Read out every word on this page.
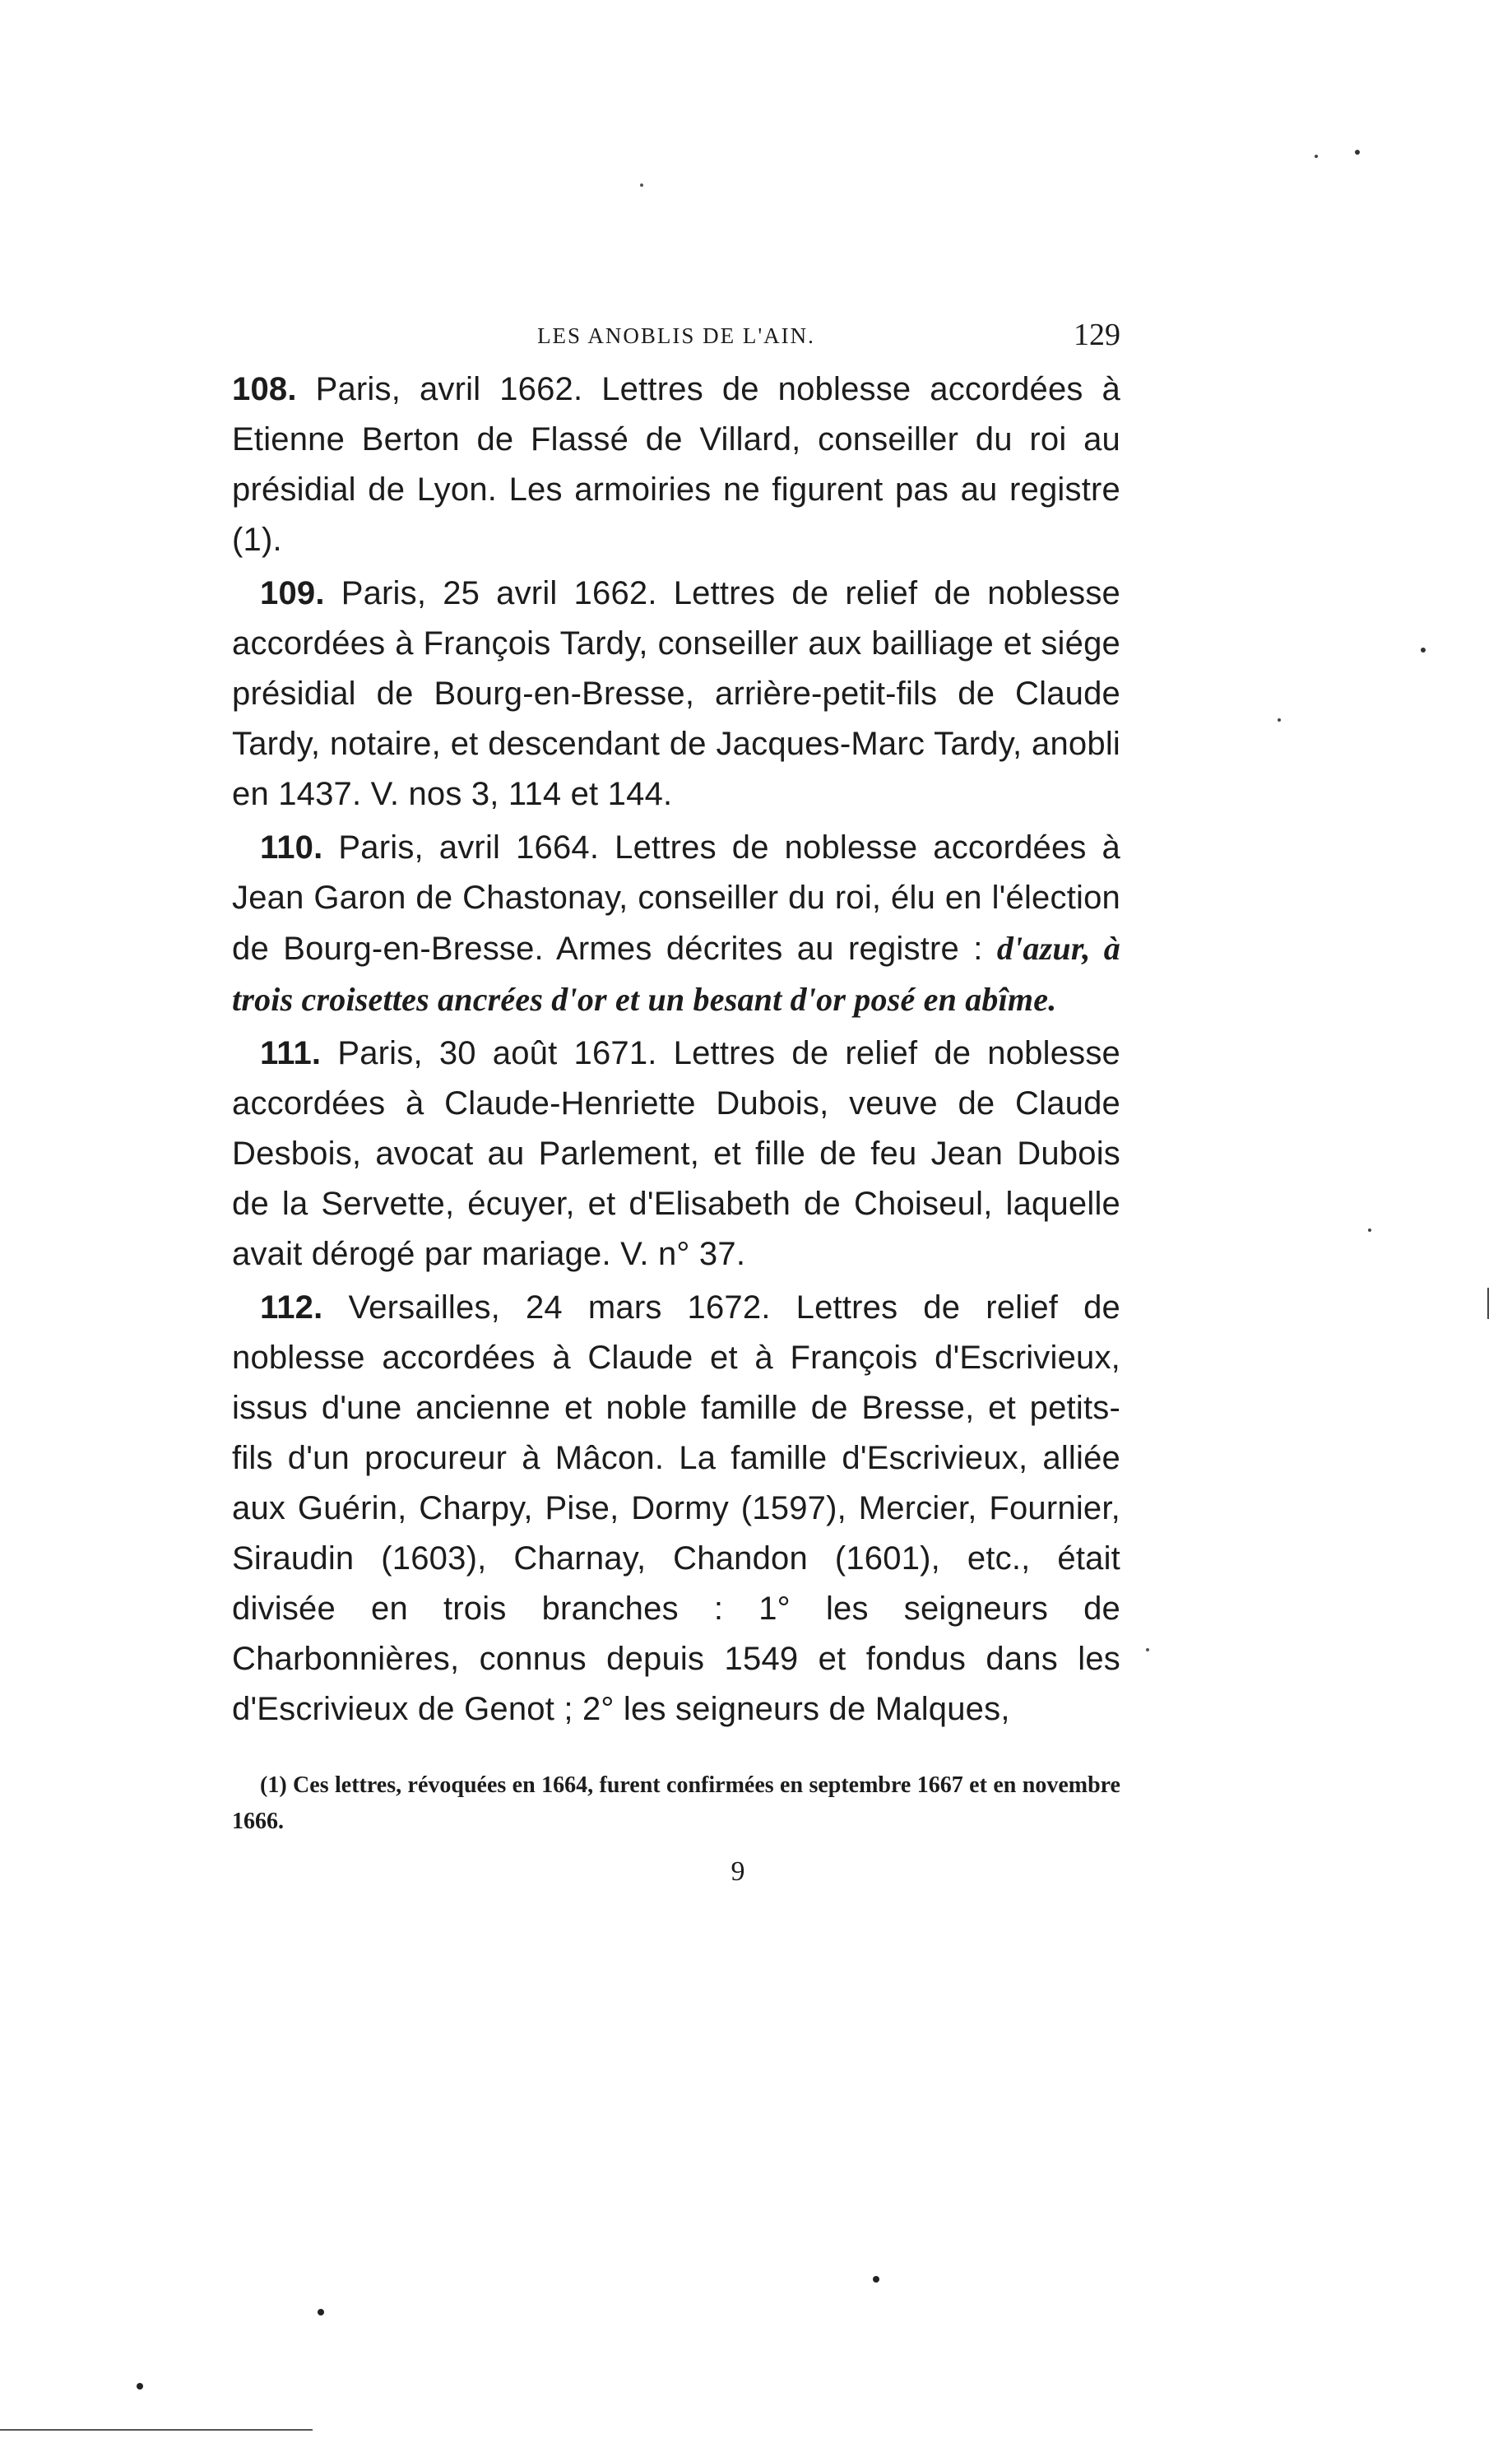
LES ANOBLIS DE L'AIN.	129

108. Paris, avril 1662. Lettres de noblesse accordées à Etienne Berton de Flassé de Villard, conseiller du roi au présidial de Lyon. Les armoiries ne figurent pas au registre (1).

109. Paris, 25 avril 1662. Lettres de relief de noblesse accordées à François Tardy, conseiller aux bailliage et siége présidial de Bourg-en-Bresse, arrière-petit-fils de Claude Tardy, notaire, et descendant de Jacques-Marc Tardy, anobli en 1437. V. nos 3, 114 et 144.

110. Paris, avril 1664. Lettres de noblesse accordées à Jean Garon de Chastonay, conseiller du roi, élu en l'élection de Bourg-en-Bresse. Armes décrites au registre : d'azur, à trois croisettes ancrées d'or et un besant d'or posé en abîme.

111. Paris, 30 août 1671. Lettres de relief de noblesse accordées à Claude-Henriette Dubois, veuve de Claude Desbois, avocat au Parlement, et fille de feu Jean Dubois de la Servette, écuyer, et d'Elisabeth de Choiseul, laquelle avait dérogé par mariage. V. n° 37.

112. Versailles, 24 mars 1672. Lettres de relief de noblesse accordées à Claude et à François d'Escrivieux, issus d'une ancienne et noble famille de Bresse, et petits-fils d'un procureur à Mâcon. La famille d'Escrivieux, alliée aux Guérin, Charpy, Pise, Dormy (1597), Mercier, Fournier, Siraudin (1603), Charnay, Chandon (1601), etc., était divisée en trois branches : 1° les seigneurs de Charbonnières, connus depuis 1549 et fondus dans les d'Escrivieux de Genot ; 2° les seigneurs de Malques,

(1) Ces lettres, révoquées en 1664, furent confirmées en septembre 1667 et en novembre 1666.
9
